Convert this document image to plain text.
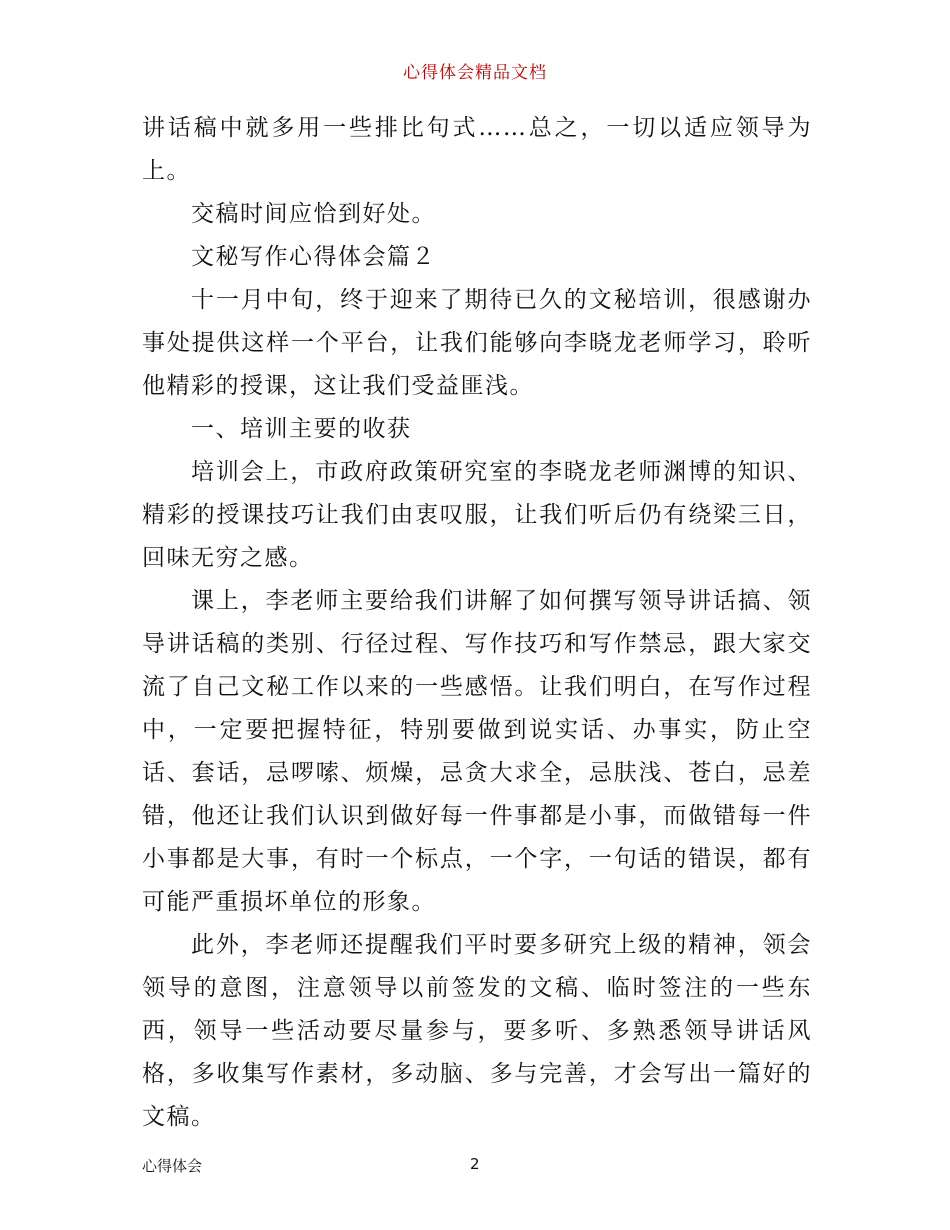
心得体会精品文档

讲话稿中就多用一些排比句式……总之，一切以适应领导为上。

交稿时间应恰到好处。

文秘写作心得体会篇２

十一月中旬，终于迎来了期待已久的文秘培训，很感谢办事处提供这样一个平台，让我们能够向李晓龙老师学习，聆听他精彩的授课，这让我们受益匪浅。

一、培训主要的收获

培训会上，市政府政策研究室的李晓龙老师渊博的知识、精彩的授课技巧让我们由衷叹服，让我们听后仍有绕梁三日，回味无穷之感。

课上，李老师主要给我们讲解了如何撰写领导讲话搞、领导讲话稿的类别、行径过程、写作技巧和写作禁忌，跟大家交流了自己文秘工作以来的一些感悟。让我们明白，在写作过程中，一定要把握特征，特别要做到说实话、办事实，防止空话、套话，忌啰嗦、烦燥，忌贪大求全，忌肤浅、苍白，忌差错，他还让我们认识到做好每一件事都是小事，而做错每一件小事都是大事，有时一个标点，一个字，一句话的错误，都有可能严重损坏单位的形象。

此外，李老师还提醒我们平时要多研究上级的精神，领会领导的意图，注意领导以前签发的文稿、临时签注的一些东西，领导一些活动要尽量参与，要多听、多熟悉领导讲话风格，多收集写作素材，多动脑、多与完善，才会写出一篇好的文稿。

心得体会	2
